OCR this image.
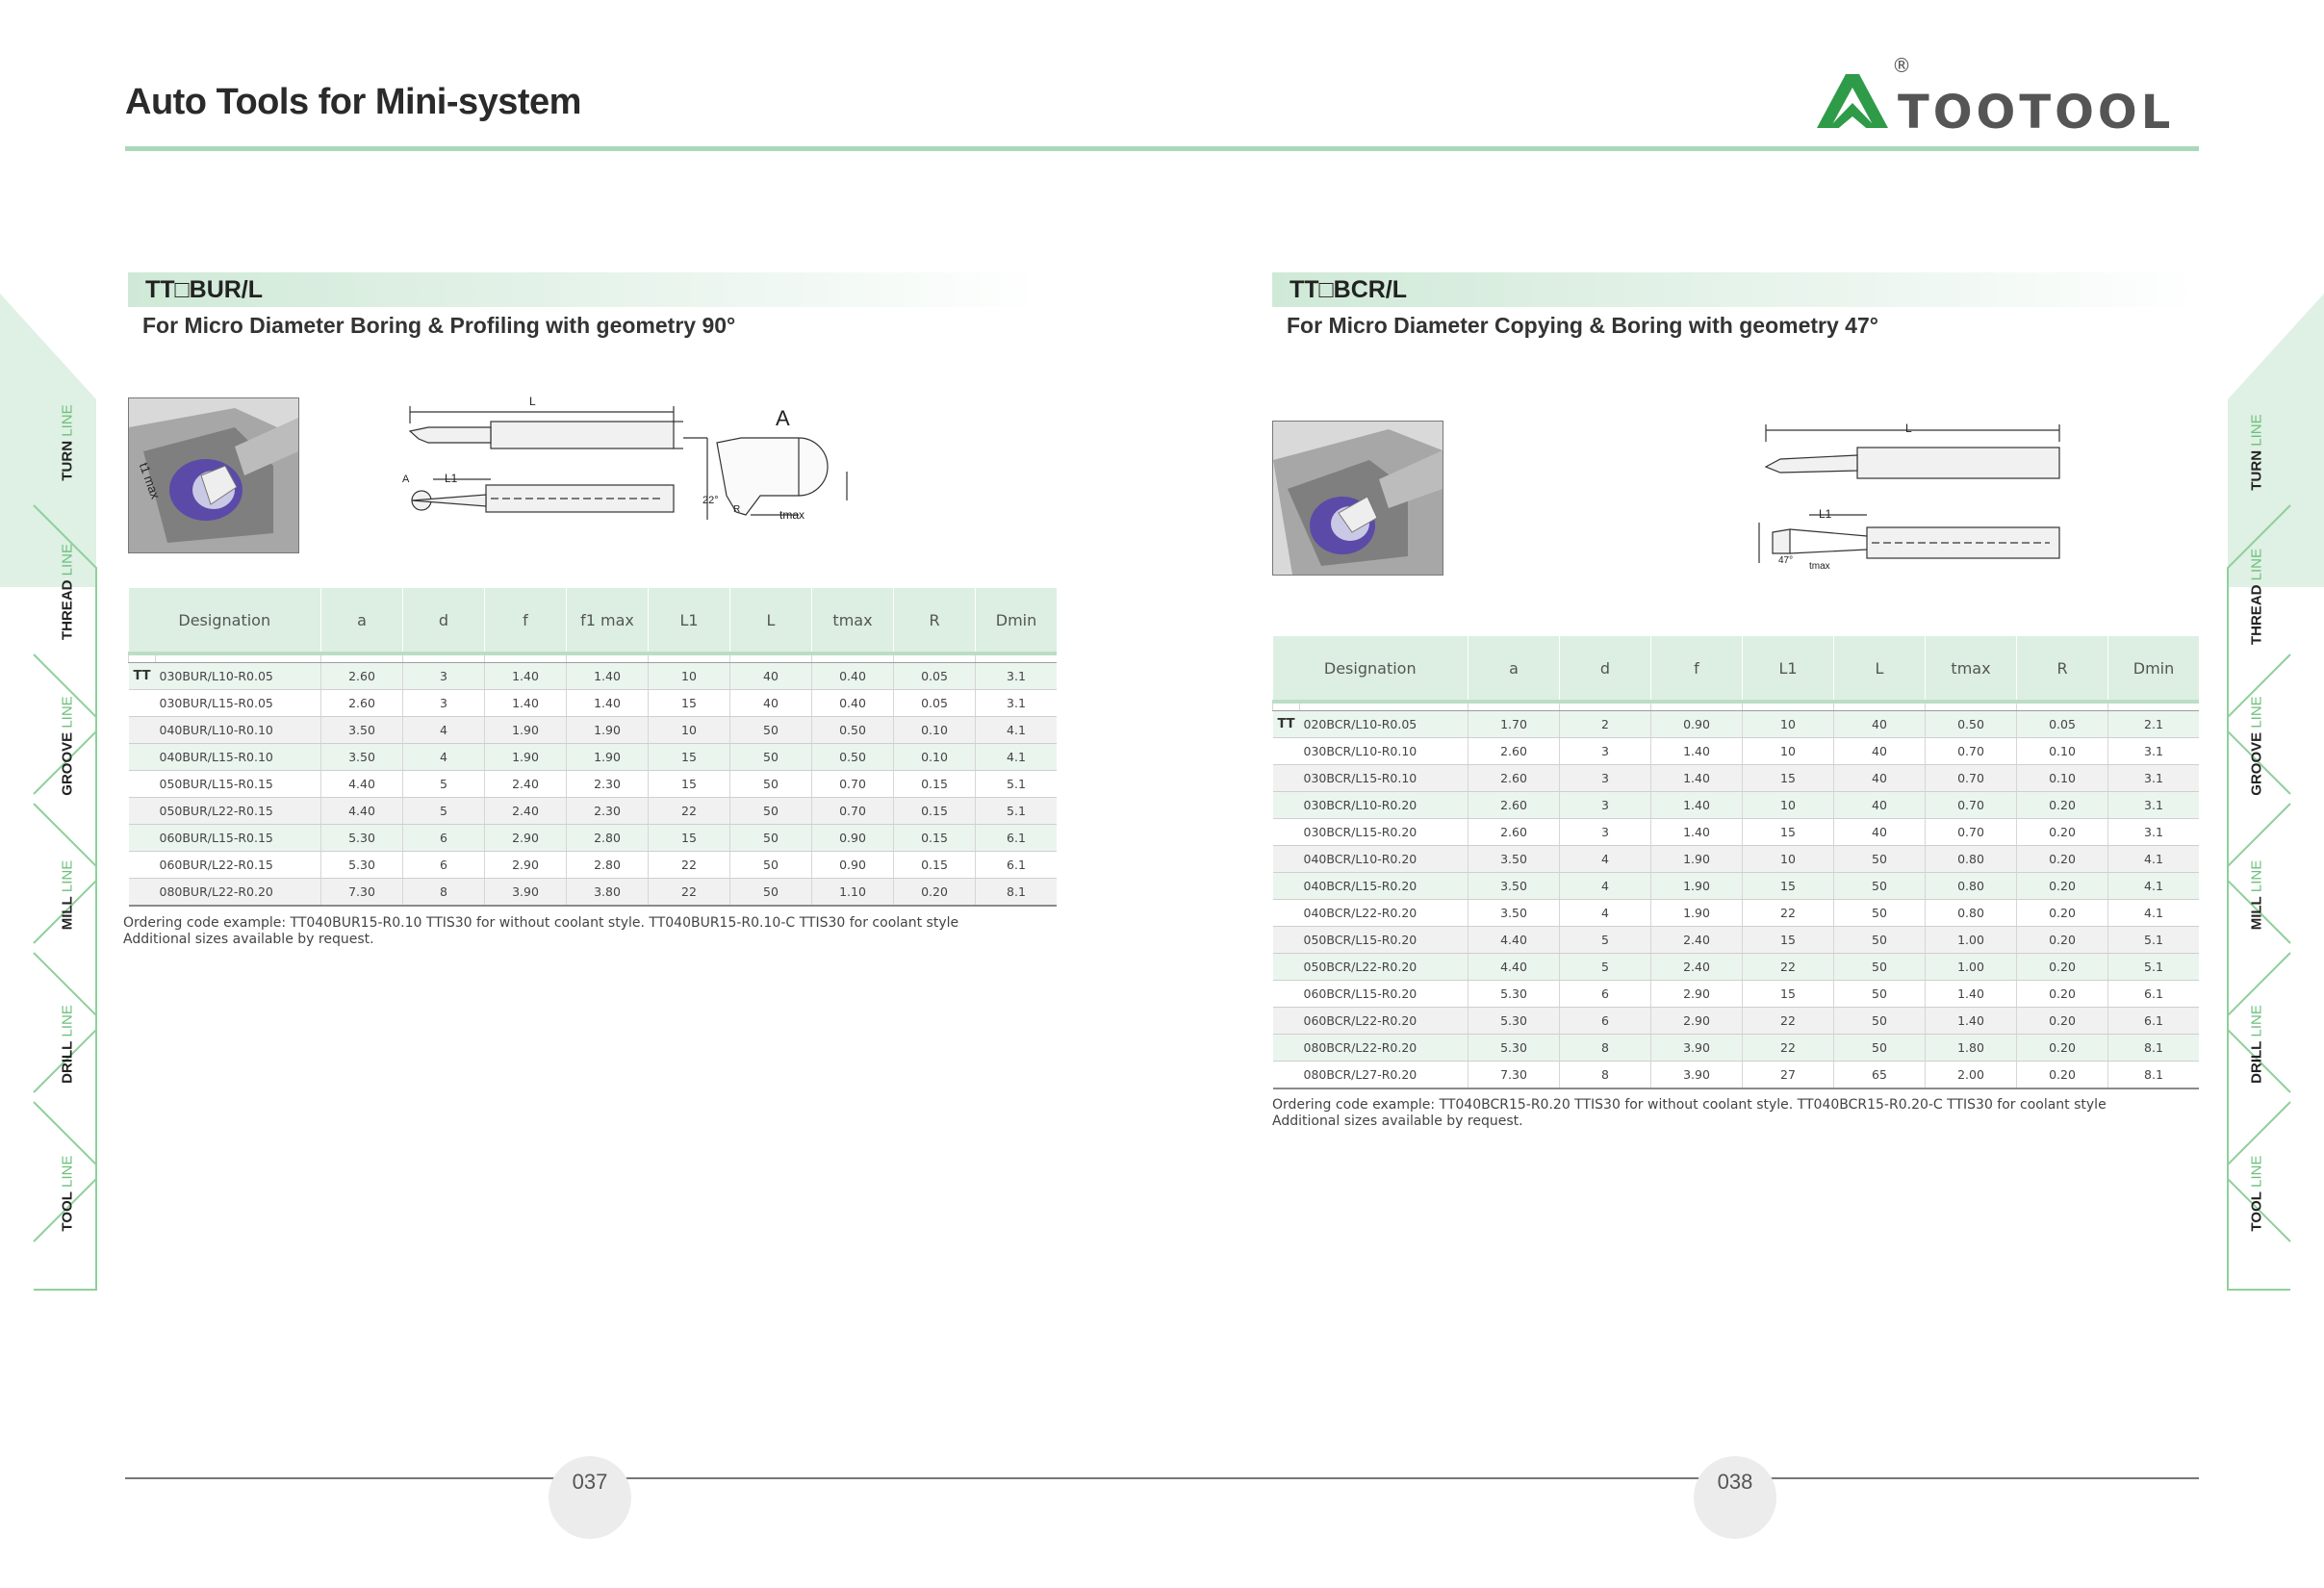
Auto Tools for Mini-system	TOOTOOL
®
TURN LINE
THREAD LINE
GROOVE LINE
MILL LINE
DRILL LINE
TOOL LINE
TURN LINE
THREAD LINE
GROOVE LINE
MILL LINE
DRILL LINE
TOOL LINE
TT□BUR/L
For Micro Diameter Boring & Profiling with geometry 90°
t1 max
L
A
L1
A
22°
tmax
R
Designation		a	d	f	f1 max	L1	L	tmax	R	Dmin

TT	030BUR/L10-R0.05	2.60	3	1.40	1.40	10	40	0.40	0.05	3.1
	030BUR/L15-R0.05	2.60	3	1.40	1.40	15	40	0.40	0.05	3.1
	040BUR/L10-R0.10	3.50	4	1.90	1.90	10	50	0.50	0.10	4.1
	040BUR/L15-R0.10	3.50	4	1.90	1.90	15	50	0.50	0.10	4.1
	050BUR/L15-R0.15	4.40	5	2.40	2.30	15	50	0.70	0.15	5.1
	050BUR/L22-R0.15	4.40	5	2.40	2.30	22	50	0.70	0.15	5.1
	060BUR/L15-R0.15	5.30	6	2.90	2.80	15	50	0.90	0.15	6.1
	060BUR/L22-R0.15	5.30	6	2.90	2.80	22	50	0.90	0.15	6.1
	080BUR/L22-R0.20	7.30	8	3.90	3.80	22	50	1.10	0.20	8.1
Ordering code example: TT040BUR15-R0.10 TTIS30 for without coolant style. TT040BUR15-R0.10-C TTIS30 for coolant style
Additional sizes available by request.
TT□BCR/L
For Micro Diameter Copying & Boring with geometry 47°
L
L1
47°
tmax
Designation		a	d	f	L1	L	tmax	R	Dmin

TT	020BCR/L10-R0.05	1.70	2	0.90	10	40	0.50	0.05	2.1
	030BCR/L10-R0.10	2.60	3	1.40	10	40	0.70	0.10	3.1
	030BCR/L15-R0.10	2.60	3	1.40	15	40	0.70	0.10	3.1
	030BCR/L10-R0.20	2.60	3	1.40	10	40	0.70	0.20	3.1
	030BCR/L15-R0.20	2.60	3	1.40	15	40	0.70	0.20	3.1
	040BCR/L10-R0.20	3.50	4	1.90	10	50	0.80	0.20	4.1
	040BCR/L15-R0.20	3.50	4	1.90	15	50	0.80	0.20	4.1
	040BCR/L22-R0.20	3.50	4	1.90	22	50	0.80	0.20	4.1
	050BCR/L15-R0.20	4.40	5	2.40	15	50	1.00	0.20	5.1
	050BCR/L22-R0.20	4.40	5	2.40	22	50	1.00	0.20	5.1
	060BCR/L15-R0.20	5.30	6	2.90	15	50	1.40	0.20	6.1
	060BCR/L22-R0.20	5.30	6	2.90	22	50	1.40	0.20	6.1
	080BCR/L22-R0.20	5.30	8	3.90	22	50	1.80	0.20	8.1
	080BCR/L27-R0.20	7.30	8	3.90	27	65	2.00	0.20	8.1
Ordering code example: TT040BCR15-R0.20 TTIS30 for without coolant style. TT040BCR15-R0.20-C TTIS30 for coolant style
Additional sizes available by request.
037	038
